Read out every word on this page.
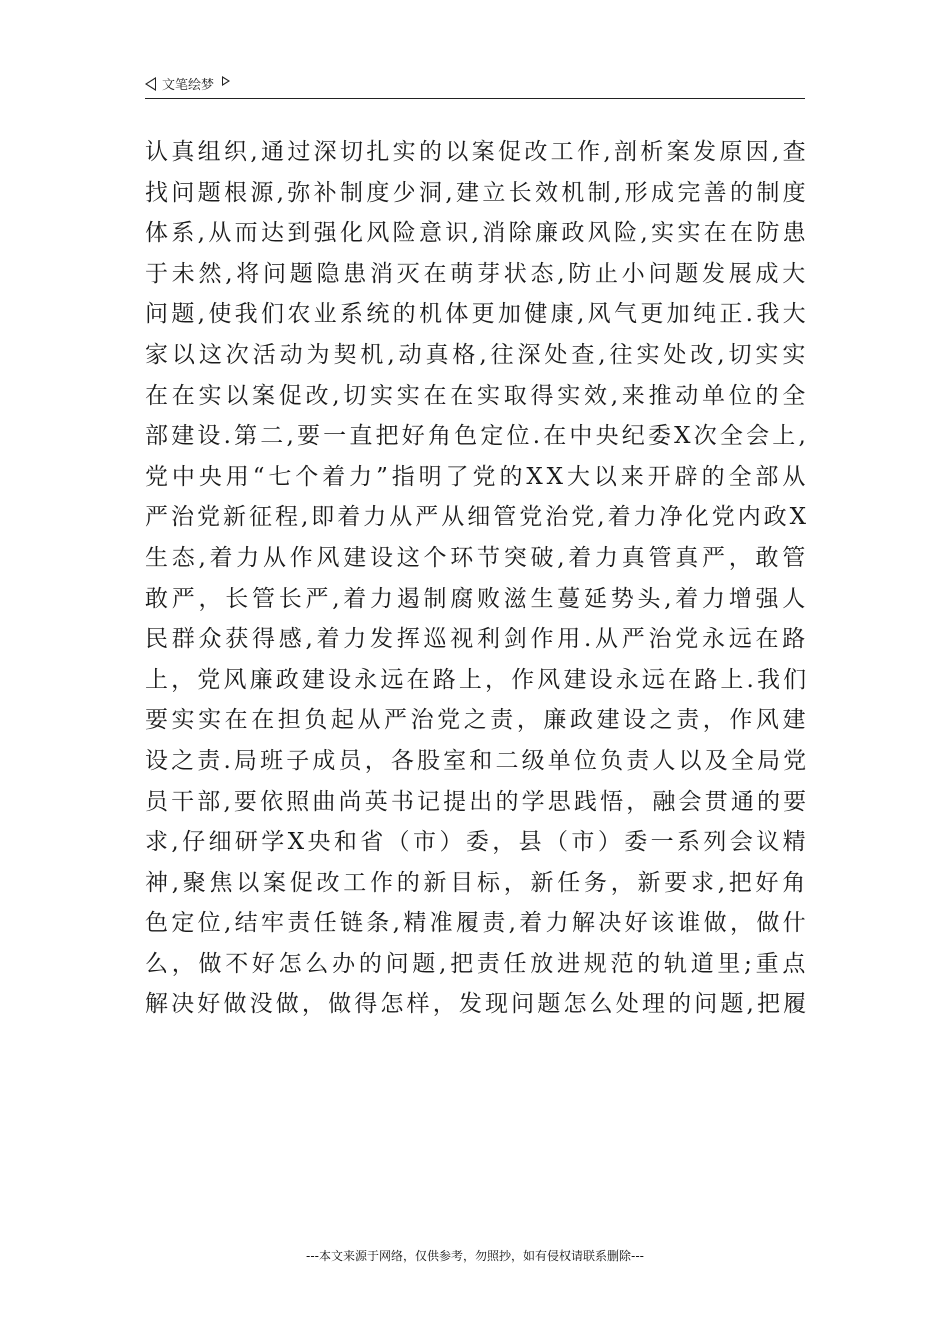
文笔绘梦
认真组织,通过深切扎实的以案促改工作,剖析案发原因,查
找问题根源,弥补制度少洞,建立长效机制,形成完善的制度
体系,从而达到强化风险意识,消除廉政风险,实实在在防患
于未然,将问题隐患消灭在萌芽状态,防止小问题发展成大
问题,使我们农业系统的机体更加健康,风气更加纯正.我大
家以这次活动为契机,动真格,往深处查,往实处改,切实实
在在实以案促改,切实实在在实取得实效,来推动单位的全
部建设.第二,要一直把好角色定位.在中央纪委X次全会上,
党中央用“七个着力”指明了党的XX大以来开辟的全部从
严治党新征程,即着力从严从细管党治党,着力净化党内政X
生态,着力从作风建设这个环节突破,着力真管真严，敢管
敢严，长管长严,着力遏制腐败滋生蔓延势头,着力增强人
民群众获得感,着力发挥巡视利剑作用.从严治党永远在路
上，党风廉政建设永远在路上，作风建设永远在路上.我们
要实实在在担负起从严治党之责，廉政建设之责，作风建
设之责.局班子成员，各股室和二级单位负责人以及全局党
员干部,要依照曲尚英书记提出的学思践悟，融会贯通的要
求,仔细研学X央和省（市）委，县（市）委一系列会议精
神,聚焦以案促改工作的新目标，新任务，新要求,把好角
色定位,结牢责任链条,精准履责,着力解决好该谁做，做什
么，做不好怎么办的问题,把责任放进规范的轨道里;重点
解决好做没做，做得怎样，发现问题怎么处理的问题,把履
---本文来源于网络，仅供参考，勿照抄，如有侵权请联系删除---
